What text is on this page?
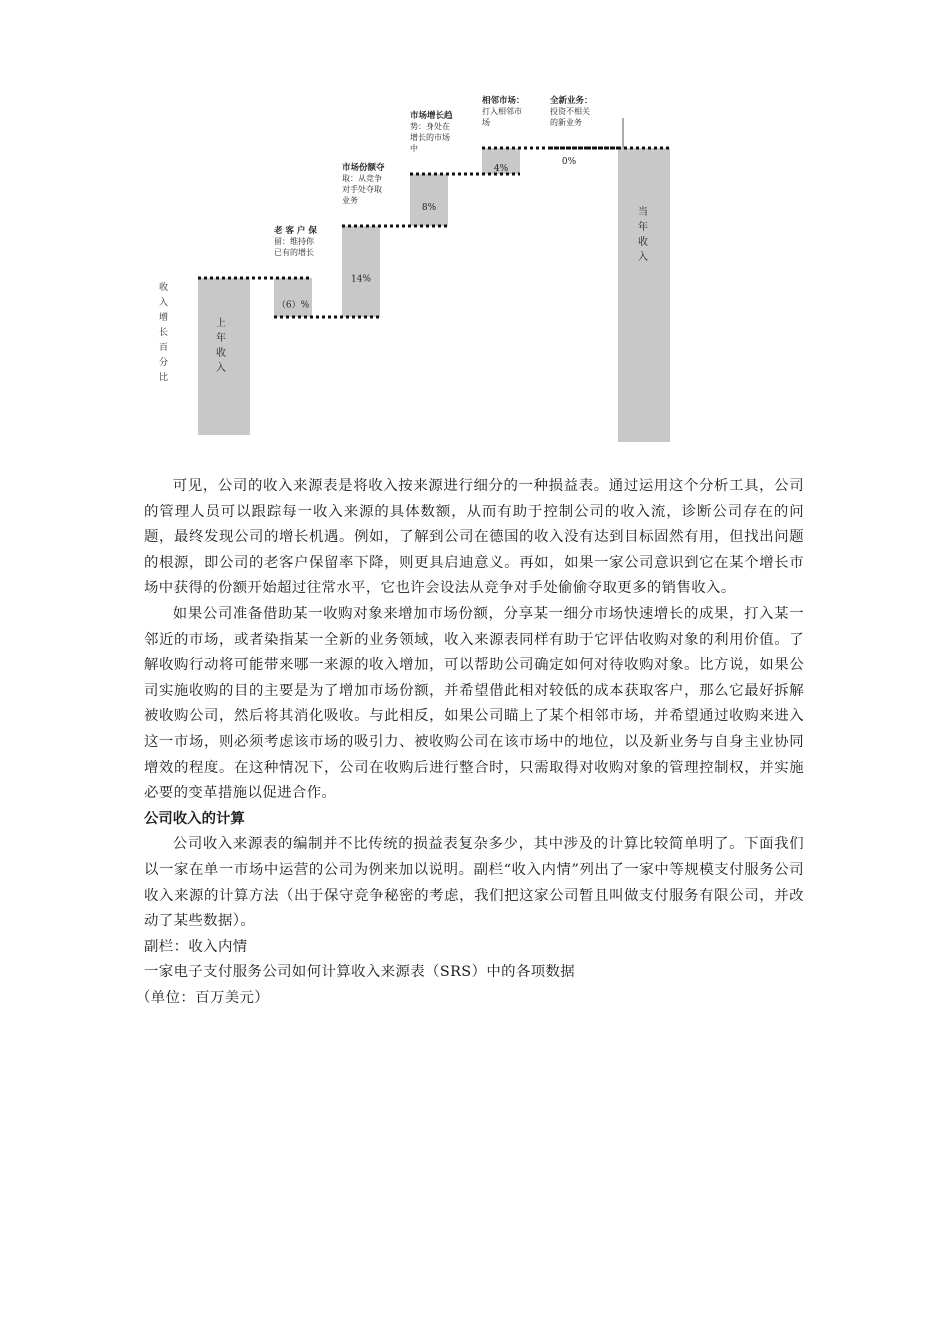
收
入
增
长
百
分
比
上
年
收
入
（6）%
老 客 户 保
留：维持你
已有的增长
14%
市场份额夺
取：从竞争
对手处夺取
业务
8%
市场增长趋
势：身处在
增长的市场
中
4%
相邻市场：
打入相邻市
场
0%
全新业务：
投资不相关
的新业务
当
年
收
入

可见，公司的收入来源表是将收入按来源进行细分的一种损益表。通过运用这个分析工具，公司的管理人员可以跟踪每一收入来源的具体数额，从而有助于控制公司的收入流，诊断公司存在的问题，最终发现公司的增长机遇。例如，了解到公司在德国的收入没有达到目标固然有用，但找出问题的根源，即公司的老客户保留率下降，则更具启迪意义。再如，如果一家公司意识到它在某个增长市场中获得的份额开始超过往常水平，它也许会设法从竞争对手处偷偷夺取更多的销售收入。

如果公司准备借助某一收购对象来增加市场份额，分享某一细分市场快速增长的成果，打入某一邻近的市场，或者染指某一全新的业务领域，收入来源表同样有助于它评估收购对象的利用价值。了解收购行动将可能带来哪一来源的收入增加，可以帮助公司确定如何对待收购对象。比方说，如果公司实施收购的目的主要是为了增加市场份额，并希望借此相对较低的成本获取客户，那么它最好拆解被收购公司，然后将其消化吸收。与此相反，如果公司瞄上了某个相邻市场，并希望通过收购来进入这一市场，则必须考虑该市场的吸引力、被收购公司在该市场中的地位，以及新业务与自身主业协同增效的程度。在这种情况下，公司在收购后进行整合时，只需取得对收购对象的管理控制权，并实施必要的变革措施以促进合作。

公司收入的计算

公司收入来源表的编制并不比传统的损益表复杂多少，其中涉及的计算比较简单明了。下面我们以一家在单一市场中运营的公司为例来加以说明。副栏“收入内情”列出了一家中等规模支付服务公司收入来源的计算方法（出于保守竞争秘密的考虑，我们把这家公司暂且叫做支付服务有限公司，并改动了某些数据）。

副栏：收入内情

一家电子支付服务公司如何计算收入来源表（SRS）中的各项数据

（单位：百万美元）
